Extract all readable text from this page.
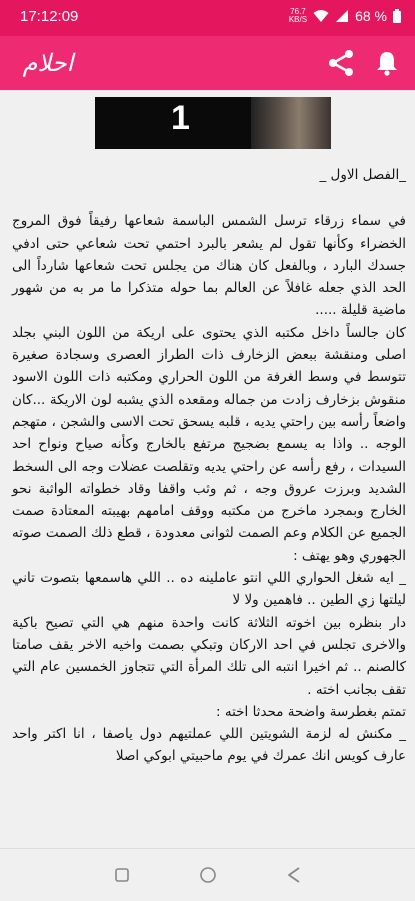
17:12:09	76.7
KB/S	68 %
احلام
1

_الفصل الاول _

في سماء زرقاء ترسل الشمس الباسمة شعاعها رفيقاً فوق المروج الخضراء وكأنها تقول لم يشعر بالبرد احتمي تحت شعاعي حتى ادفي جسدك البارد ، وبالفعل كان هناك من يجلس تحت شعاعها شارداً الى الحد الذي جعله غافلاً عن العالم بما حوله متذكرا ما مر به من شهور ماضية قليلة .....

كان جالساً داخل مكتبه الذي يحتوى على اريكة من اللون البني بجلد اصلى ومنقشة ببعض الزخارف ذات الطراز العصرى وسجادة صغيرة تتوسط في وسط الغرفة من اللون الحراري ومكتبه ذات اللون الاسود منقوش بزخارف زادت من جماله ومقعده الذي يشبه لون الاريكة ...كان واضعاً رأسه بين راحتي يديه ، قلبه يسحق تحت الاسى والشجن ، متهجم الوجه .. واذا به يسمع بضجيج مرتفع بالخارج وكأنه صياح ونواح احد السيدات ، رفع رأسه عن راحتي يديه وتقلصت عضلات وجه الى السخط الشديد وبرزت عروق وجه ، ثم وثب واقفا وقاد خطواته الواثبة نحو الخارج وبمجرد ماخرج من مكتبه ووقف امامهم بهيبته المعتادة صمت الجميع عن الكلام وعم الصمت لثوانى معدودة ، قطع ذلك الصمت صوته الجهوري وهو يهتف :

_ ايه شغل الحواري اللي انتو عاملينه ده .. اللي هاسمعها بتصوت تاني ليلتها زي الطين .. فاهمين ولا لا

دار بنظره بين اخوته الثلاثة كانت واحدة منهم هي التي تصيح باكية والاخرى تجلس في احد الاركان وتبكي بصمت واخيه الاخر يقف صامتا كالصنم .. ثم اخيرا انتبه الى تلك المرأة التي تتجاوز الخمسين عام التي تقف بجانب اخته .

تمتم بغطرسة واضحة محدثا اخته :

_ مكنش له لزمة الشويتين اللي عملتيهم دول ياصفا ، انا اكتر واحد عارف كويس انك عمرك في يوم ماحبيتي ابوكي اصلا
